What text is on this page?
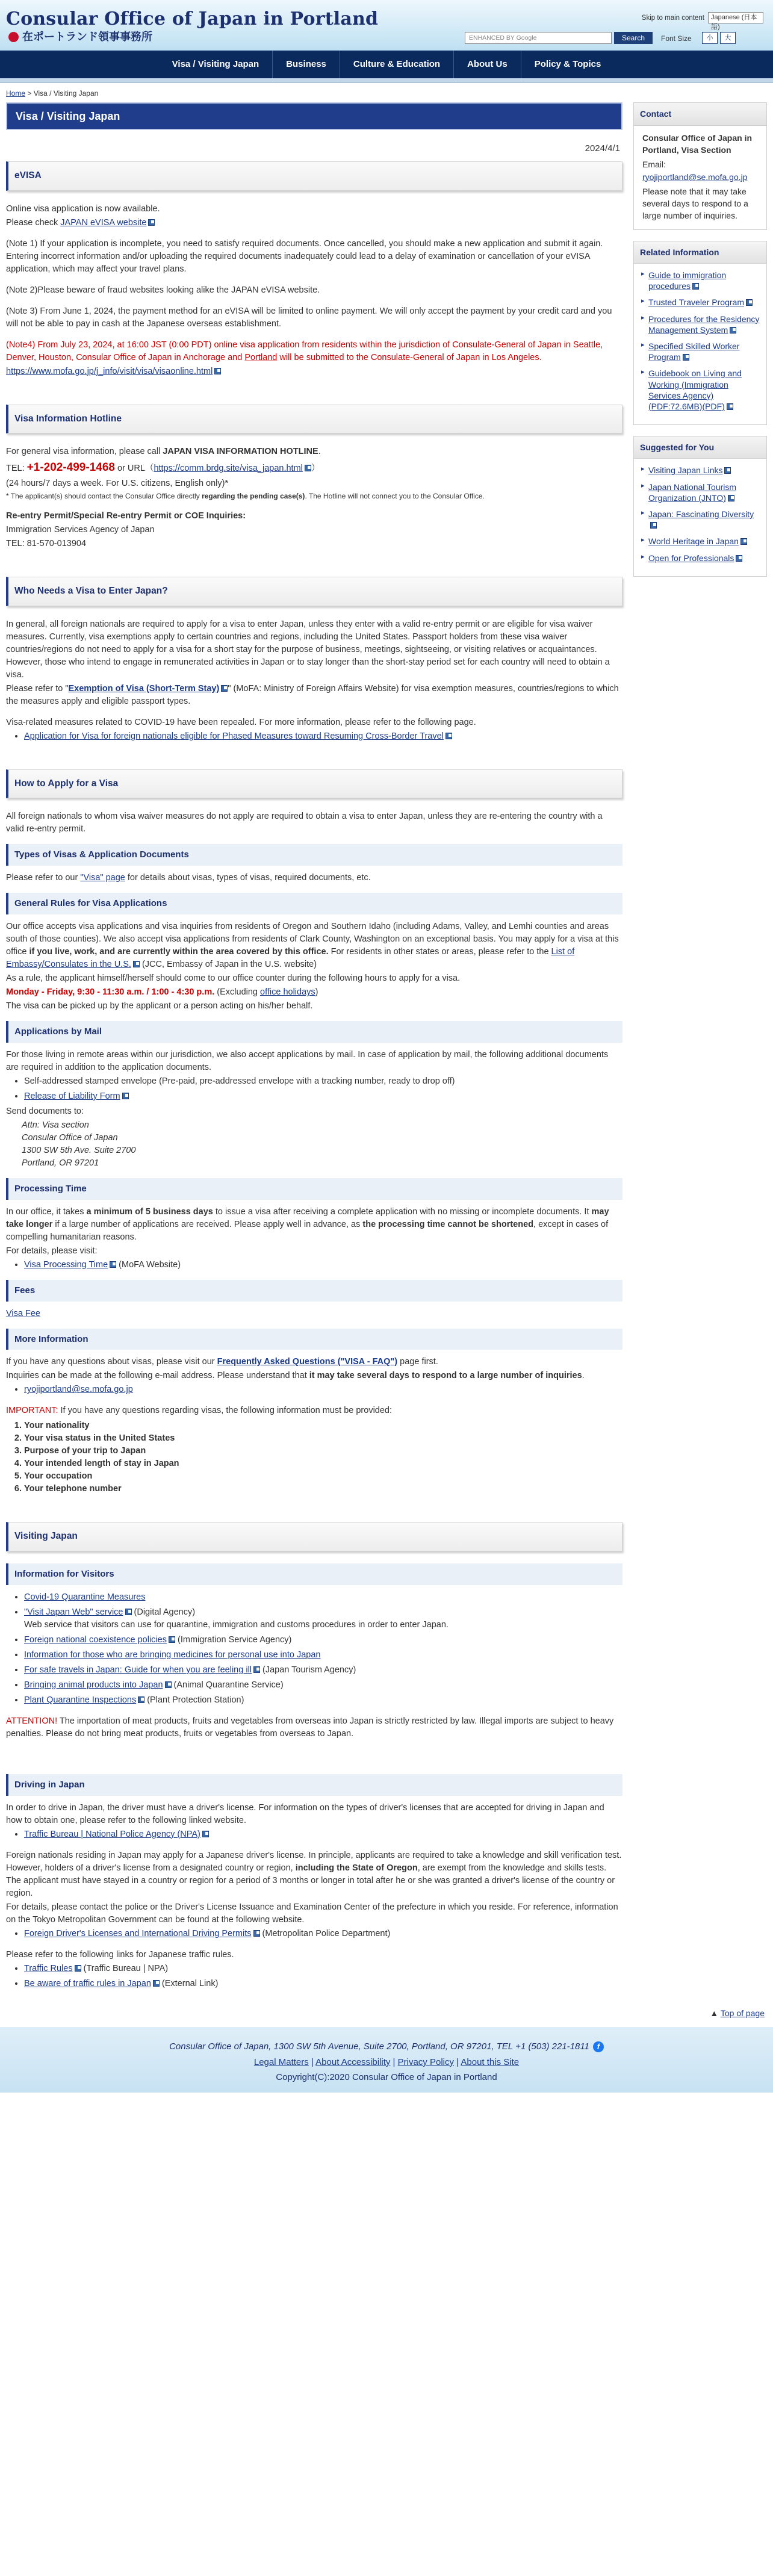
Consular Office of Japan in Portland
在ポートランド領事事務所
Skip to main content	Japanese (日本語)
ENHANCED BY Google	Search	Font Size	小	大
Visa / Visiting Japan	Business	Culture & Education	About Us	Policy & Topics
Home > Visa / Visiting Japan
Visa / Visiting Japan
2024/4/1
eVISA

Online visa application is now available.

Please check JAPAN eVISA website

(Note 1) If your application is incomplete, you need to satisfy required documents. Once cancelled, you should make a new application and submit it again. Entering incorrect information and/or uploading the required documents inadequately could lead to a delay of examination or cancellation of your eVISA application, which may affect your travel plans.

(Note 2)Please beware of fraud websites looking alike the JAPAN eVISA website.

(Note 3) From June 1, 2024, the payment method for an eVISA will be limited to online payment. We will only accept the payment by your credit card and you will not be able to pay in cash at the Japanese overseas establishment.

(Note4) From July 23, 2024, at 16:00 JST (0:00 PDT) online visa application from residents within the jurisdiction of Consulate-General of Japan in Seattle, Denver, Houston, Consular Office of Japan in Anchorage and Portland will be submitted to the Consulate-General of Japan in Los Angeles.

https://www.mofa.go.jp/j_info/visit/visa/visaonline.html

Visa Information Hotline

For general visa information, please call JAPAN VISA INFORMATION HOTLINE.

TEL: +1-202-499-1468 or URL（https://comm.brdg.site/visa_japan.html ）

(24 hours/7 days a week. For U.S. citizens, English only)*

* The applicant(s) should contact the Consular Office directly regarding the pending case(s). The Hotline will not connect you to the Consular Office.

Re-entry Permit/Special Re-entry Permit or COE Inquiries:

Immigration Services Agency of Japan

TEL: 81-570-013904

Who Needs a Visa to Enter Japan?

In general, all foreign nationals are required to apply for a visa to enter Japan, unless they enter with a valid re-entry permit or are eligible for visa waiver measures. Currently, visa exemptions apply to certain countries and regions, including the United States. Passport holders from these visa waiver countries/regions do not need to apply for a visa for a short stay for the purpose of business, meetings, sightseeing, or visiting relatives or acquaintances. However, those who intend to engage in remunerated activities in Japan or to stay longer than the short-stay period set for each country will need to obtain a visa.

Please refer to "Exemption of Visa (Short-Term Stay) " (MoFA: Ministry of Foreign Affairs Website) for visa exemption measures, countries/regions to which the measures apply and eligible passport types.

Visa-related measures related to COVID-19 have been repealed. For more information, please refer to the following page.

• Application for Visa for foreign nationals eligible for Phased Measures toward Resuming Cross-Border Travel
How to Apply for a Visa

All foreign nationals to whom visa waiver measures do not apply are required to obtain a visa to enter Japan, unless they are re-entering the country with a valid re-entry permit.

Types of Visas & Application Documents

Please refer to our "Visa" page for details about visas, types of visas, required documents, etc.

General Rules for Visa Applications

Our office accepts visa applications and visa inquiries from residents of Oregon and Southern Idaho (including Adams, Valley, and Lemhi counties and areas south of those counties). We also accept visa applications from residents of Clark County, Washington on an exceptional basis. You may apply for a visa at this office if you live, work, and are currently within the area covered by this office. For residents in other states or areas, please refer to the List of Embassy/Consulates in the U.S. (JCC, Embassy of Japan in the U.S. website)

As a rule, the applicant himself/herself should come to our office counter during the following hours to apply for a visa.

Monday - Friday, 9:30 - 11:30 a.m. / 1:00 - 4:30 p.m. (Excluding office holidays)

The visa can be picked up by the applicant or a person acting on his/her behalf.

Applications by Mail

For those living in remote areas within our jurisdiction, we also accept applications by mail. In case of application by mail, the following additional documents are required in addition to the application documents.

• Self-addressed stamped envelope (Pre-paid, pre-addressed envelope with a tracking number, ready to drop off)
• Release of Liability Form

Send documents to:

Attn: Visa section
Consular Office of Japan
1300 SW 5th Ave. Suite 2700
Portland, OR 97201
Processing Time

In our office, it takes a minimum of 5 business days to issue a visa after receiving a complete application with no missing or incomplete documents. It may take longer if a large number of applications are received. Please apply well in advance, as the processing time cannot be shortened, except in cases of compelling humanitarian reasons.

For details, please visit:

• Visa Processing Time (MoFA Website)
Fees

Visa Fee

More Information

If you have any questions about visas, please visit our Frequently Asked Questions ("VISA - FAQ") page first.

Inquiries can be made at the following e-mail address. Please understand that it may take several days to respond to a large number of inquiries.

• ryojiportland@se.mofa.go.jp

IMPORTANT: If you have any questions regarding visas, the following information must be provided:

1. Your nationality
2. Your visa status in the United States
3. Purpose of your trip to Japan
4. Your intended length of stay in Japan
5. Your occupation
6. Your telephone number
Visiting Japan
Information for Visitors
• Covid-19 Quarantine Measures
• "Visit Japan Web" service (Digital Agency)
Web service that visitors can use for quarantine, immigration and customs procedures in order to enter Japan.
• Foreign national coexistence policies (Immigration Service Agency)
• Information for those who are bringing medicines for personal use into Japan
• For safe travels in Japan: Guide for when you are feeling ill (Japan Tourism Agency)
• Bringing animal products into Japan (Animal Quarantine Service)
• Plant Quarantine Inspections (Plant Protection Station)

ATTENTION! The importation of meat products, fruits and vegetables from overseas into Japan is strictly restricted by law. Illegal imports are subject to heavy penalties. Please do not bring meat products, fruits or vegetables from overseas to Japan.

Driving in Japan

In order to drive in Japan, the driver must have a driver's license. For information on the types of driver's licenses that are accepted for driving in Japan and how to obtain one, please refer to the following linked website.

• Traffic Bureau | National Police Agency (NPA)

Foreign nationals residing in Japan may apply for a Japanese driver's license. In principle, applicants are required to take a knowledge and skill verification test. However, holders of a driver's license from a designated country or region, including the State of Oregon, are exempt from the knowledge and skills tests. The applicant must have stayed in a country or region for a period of 3 months or longer in total after he or she was granted a driver's license of the country or region.

For details, please contact the police or the Driver's License Issuance and Examination Center of the prefecture in which you reside. For reference, information on the Tokyo Metropolitan Government can be found at the following website.

• Foreign Driver's Licenses and International Driving Permits (Metropolitan Police Department)

Please refer to the following links for Japanese traffic rules.

• Traffic Rules (Traffic Bureau | NPA)
• Be aware of traffic rules in Japan (External Link)
Contact
Consular Office of Japan in Portland, Visa Section
Email:
ryojiportland@se.mofa.go.jp
Please note that it may take several days to respond to a large number of inquiries.
Related Information
▸ Guide to immigration procedures
▸ Trusted Traveler Program
▸ Procedures for the Residency Management System
▸ Specified Skilled Worker Program
▸ Guidebook on Living and Working (Immigration Services Agency) (PDF:72.6MB)(PDF)
Suggested for You
▸ Visiting Japan Links
▸ Japan National Tourism Organization (JNTO)
▸ Japan: Fascinating Diversity
▸ World Heritage in Japan
▸ Open for Professionals
▲ Top of page
Consular Office of Japan, 1300 SW 5th Avenue, Suite 2700, Portland, OR 97201, TEL +1 (503) 221-1811 f
Legal Matters | About Accessibility | Privacy Policy | About this Site
Copyright(C):2020 Consular Office of Japan in Portland
